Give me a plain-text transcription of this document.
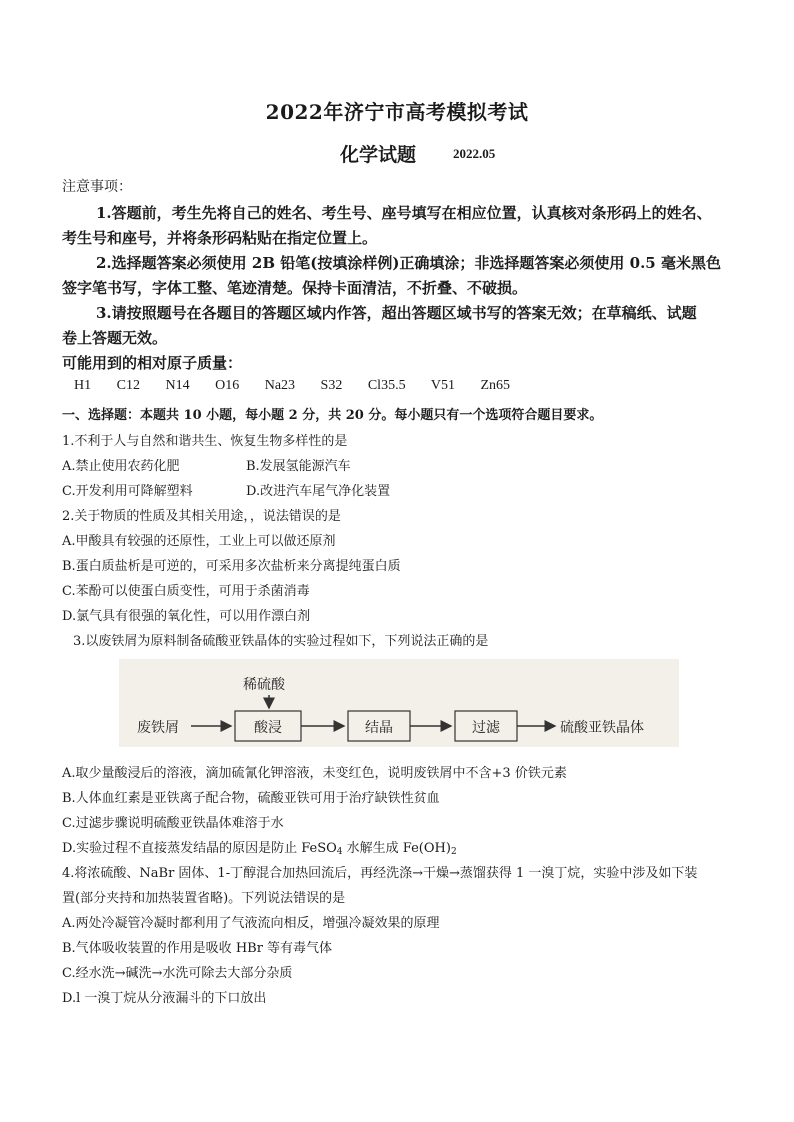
2022年济宁市高考模拟考试
化学试题	2022.05
注意事项：
1.答题前，考生先将自己的姓名、考生号、座号填写在相应位置，认真核对条形码上的姓名、
考生号和座号，并将条形码粘贴在指定位置上。
2.选择题答案必须使用 2B 铅笔(按填涂样例)正确填涂；非选择题答案必须使用 0.5 毫米黑色
签字笔书写，字体工整、笔迹清楚。保持卡面清洁，不折叠、不破损。
3.请按照题号在各题目的答题区域内作答，超出答题区域书写的答案无效；在草稿纸、试题
卷上答题无效。
可能用到的相对原子质量：
H1 C12 N14 O16 Na23 S32 Cl35.5 V51 Zn65
一、选择题：本题共 10 小题，每小题 2 分，共 20 分。每小题只有一个选项符合题目要求。
1.不利于人与自然和谐共生、恢复生物多样性的是
A.禁止使用农药化肥	B.发展氢能源汽车
C.开发利用可降解塑料	D.改进汽车尾气净化装置
2.关于物质的性质及其相关用途，，说法错误的是
A.甲酸具有较强的还原性，工业上可以做还原剂
B.蛋白质盐析是可逆的，可采用多次盐析来分离提纯蛋白质
C.苯酚可以使蛋白质变性，可用于杀菌消毒
D.氯气具有很强的氧化性，可以用作漂白剂
3.以废铁屑为原料制备硫酸亚铁晶体的实验过程如下，下列说法正确的是
稀硫酸
废铁屑	酸浸	结晶	过滤	硫酸亚铁晶体
A.取少量酸浸后的溶液，滴加硫氰化钾溶液，未变红色，说明废铁屑中不含+3 价铁元素
B.人体血红素是亚铁离子配合物，硫酸亚铁可用于治疗缺铁性贫血
C.过滤步骤说明硫酸亚铁晶体难溶于水
D.实验过程不直接蒸发结晶的原因是防止 FeSO$_4$ 水解生成 $Fe(OH)_2$
4.将浓硫酸、NaBr 固体、1-丁醇混合加热回流后，再经洗涤→干燥→蒸馏获得 1 一溴丁烷，实验中涉及如下装
置(部分夹持和加热装置省略)。下列说法错误的是
A.两处冷凝管冷凝时都利用了气液流向相反，增强冷凝效果的原理
B.气体吸收装置的作用是吸收 HBr 等有毒气体
C.经水洗→碱洗→水洗可除去大部分杂质
D.l 一溴丁烷从分液漏斗的下口放出
